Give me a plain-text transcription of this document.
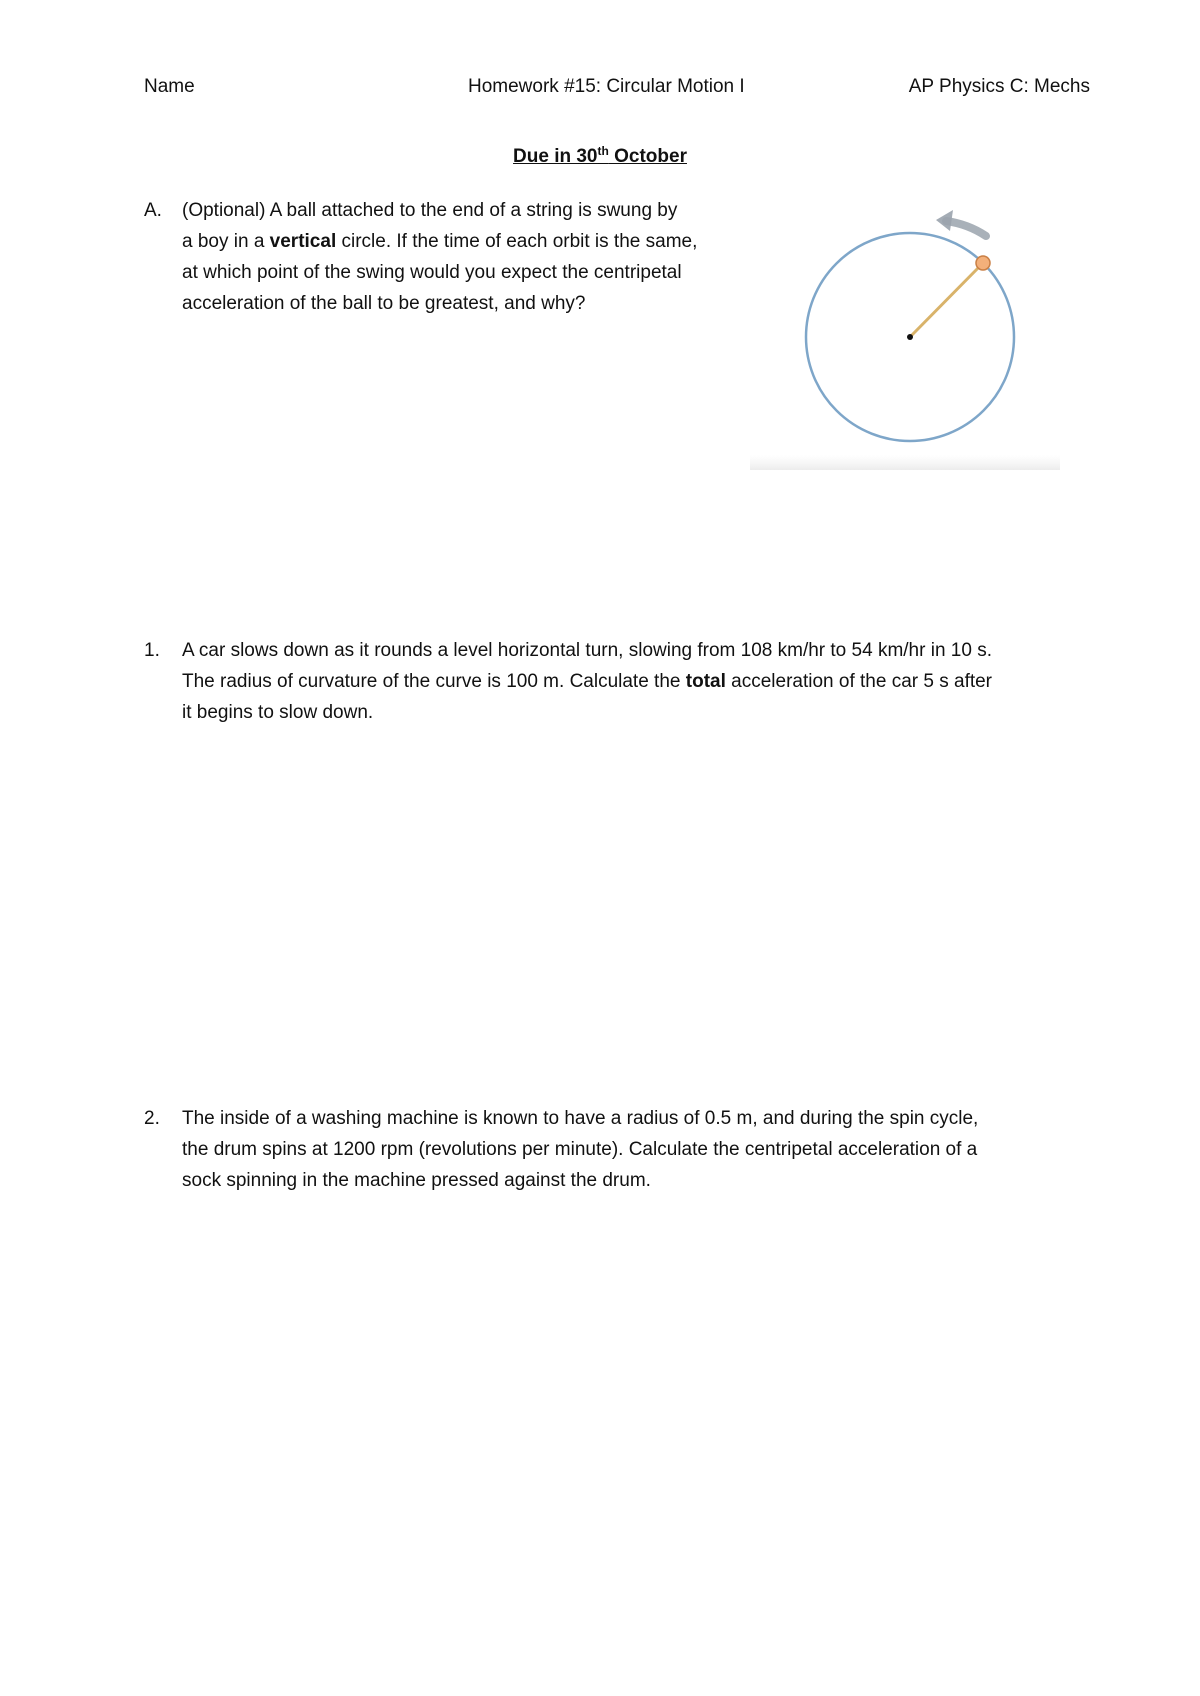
Name	Homework #15: Circular Motion I	AP Physics C: Mechs
Due in 30th October
A. (Optional) A ball attached to the end of a string is swung by
a boy in a vertical circle. If the time of each orbit is the same,
at which point of the swing would you expect the centripetal
acceleration of the ball to be greatest, and why?
1. A car slows down as it rounds a level horizontal turn, slowing from 108 km/hr to 54 km/hr in 10 s.
The radius of curvature of the curve is 100 m. Calculate the total acceleration of the car 5 s after
it begins to slow down.
2. The inside of a washing machine is known to have a radius of 0.5 m, and during the spin cycle,
the drum spins at 1200 rpm (revolutions per minute). Calculate the centripetal acceleration of a
sock spinning in the machine pressed against the drum.
